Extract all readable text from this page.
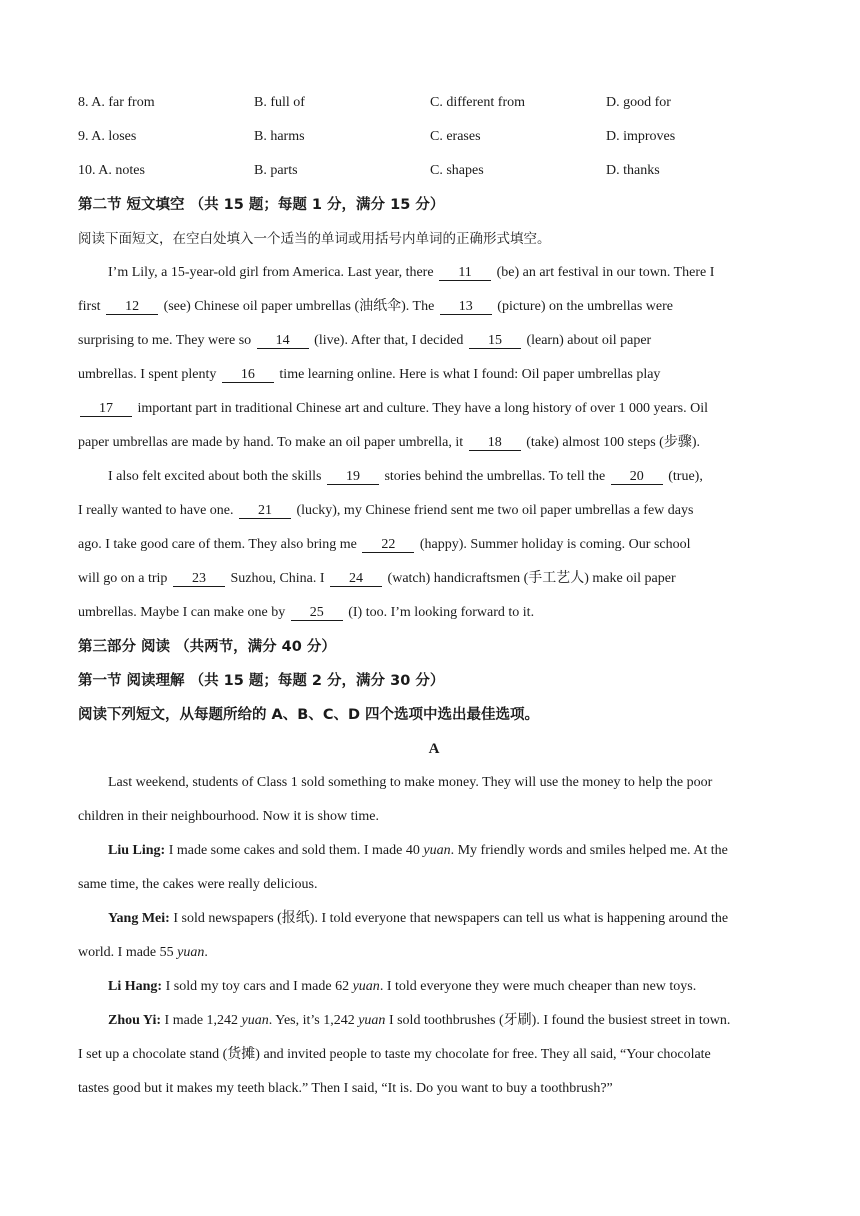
8. A. far from	B. full of	C. different from	D. good for
9. A. loses	B. harms	C. erases	D. improves
10. A. notes	B. parts	C. shapes	D. thanks
第二节 短文填空 （共 15 题；每题 1 分，满分 15 分）
阅读下面短文，在空白处填入一个适当的单词或用括号内单词的正确形式填空。
I’m Lily, a 15-year-old girl from America. Last year, there 11 (be) an art festival in our town. There I
first 12 (see) Chinese oil paper umbrellas (油纸伞). The 13 (picture) on the umbrellas were
surprising to me. They were so 14 (live). After that, I decided 15 (learn) about oil paper
umbrellas. I spent plenty 16 time learning online. Here is what I found: Oil paper umbrellas play
17 important part in traditional Chinese art and culture. They have a long history of over 1 000 years. Oil
paper umbrellas are made by hand. To make an oil paper umbrella, it 18 (take) almost 100 steps (步骤).
I also felt excited about both the skills 19 stories behind the umbrellas. To tell the 20 (true),
I really wanted to have one. 21 (lucky), my Chinese friend sent me two oil paper umbrellas a few days
ago. I take good care of them. They also bring me 22 (happy). Summer holiday is coming. Our school
will go on a trip 23 Suzhou, China. I 24 (watch) handicraftsmen (手工艺人) make oil paper
umbrellas. Maybe I can make one by 25 (I) too. I’m looking forward to it.
第三部分 阅读 （共两节，满分 40 分）
第一节 阅读理解 （共 15 题；每题 2 分，满分 30 分）
阅读下列短文，从每题所给的 A、B、C、D 四个选项中选出最佳选项。
A
Last weekend, students of Class 1 sold something to make money. They will use the money to help the poor
children in their neighbourhood. Now it is show time.
Liu Ling: I made some cakes and sold them. I made 40 yuan. My friendly words and smiles helped me. At the
same time, the cakes were really delicious.
Yang Mei: I sold newspapers (报纸). I told everyone that newspapers can tell us what is happening around the
world. I made 55 yuan.
Li Hang: I sold my toy cars and I made 62 yuan. I told everyone they were much cheaper than new toys.
Zhou Yi: I made 1,242 yuan. Yes, it’s 1,242 yuan I sold toothbrushes (牙刷). I found the busiest street in town.
I set up a chocolate stand (货摊) and invited people to taste my chocolate for free. They all said, “Your chocolate
tastes good but it makes my teeth black.” Then I said, “It is. Do you want to buy a toothbrush?”
